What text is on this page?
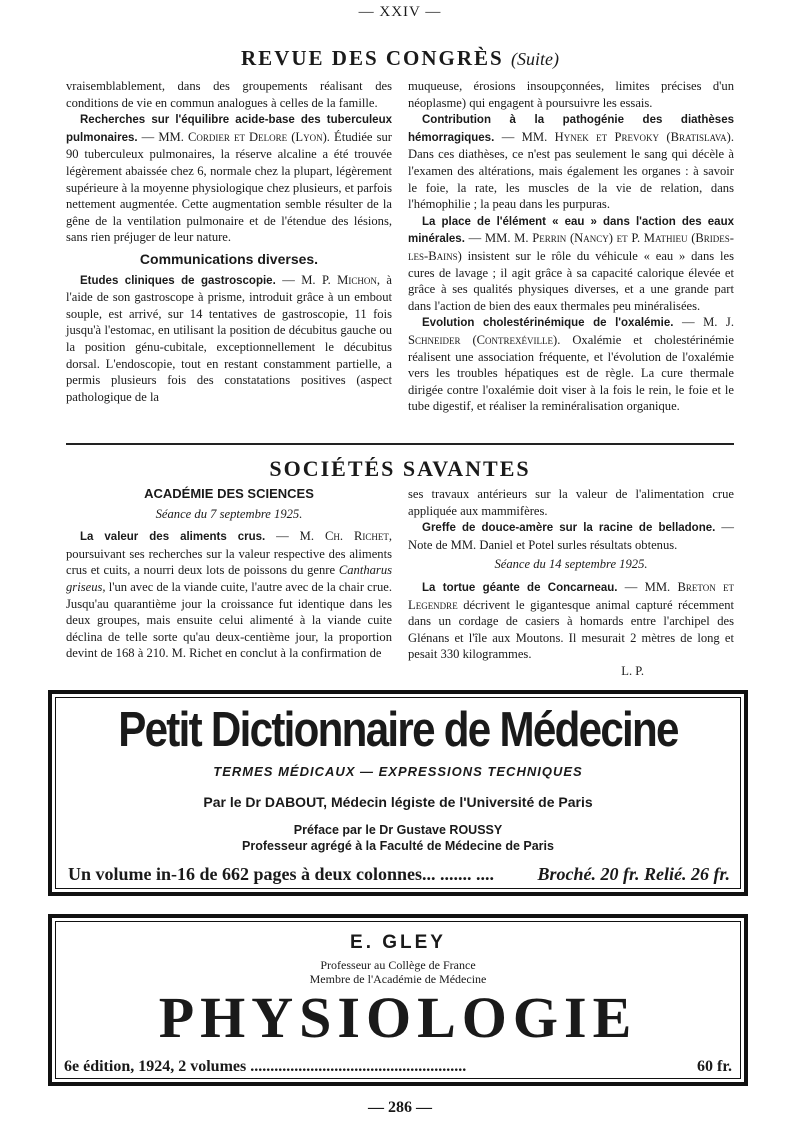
— XXIV —
REVUE DES CONGRÈS (Suite)

vraisemblablement, dans des groupements réalisant des conditions de vie en commun analogues à celles de la famille.

Recherches sur l'équilibre acide-base des tuberculeux pulmonaires. — MM. Cordier et Delore (Lyon). Étudiée sur 90 tuberculeux pulmonaires, la réserve alcaline a été trouvée légèrement abaissée chez 6, normale chez la plupart, légèrement supérieure à la moyenne physiologique chez plusieurs, et parfois nettement augmentée. Cette augmentation semble résulter de la gêne de la ventilation pulmonaire et de l'étendue des lésions, sans rien préjuger de leur nature.

Communications diverses.

Etudes cliniques de gastroscopie. — M. P. Michon, à l'aide de son gastroscope à prisme, introduit grâce à un embout souple, est arrivé, sur 14 tentatives de gastroscopie, 11 fois jusqu'à l'estomac, en utilisant la position de décubitus gauche ou la position génu-cubitale, exceptionnellement le décubitus dorsal. L'endoscopie, tout en restant constamment partielle, a permis plusieurs fois des constatations positives (aspect pathologique de la

muqueuse, érosions insoupçonnées, limites précises d'un néoplasme) qui engagent à poursuivre les essais.

Contribution à la pathogénie des diathèses hémorragiques. — MM. Hynek et Prevoky (Bratislava). Dans ces diathèses, ce n'est pas seulement le sang qui décèle à l'examen des altérations, mais également les organes : à savoir le foie, la rate, les muscles de la vie de relation, dans l'hémophilie ; la peau dans les purpuras.

La place de l'élément « eau » dans l'action des eaux minérales. — MM. M. Perrin (Nancy) et P. Mathieu (Brides-les-Bains) insistent sur le rôle du véhicule « eau » dans les cures de lavage ; il agit grâce à sa capacité calorique élevée et grâce à ses qualités physiques diverses, et a une grande part dans l'action de bien des eaux thermales peu minéralisées.

Evolution cholestérinémique de l'oxalémie. — M. J. Schneider (Contrexéville). Oxalémie et cholestérinémie réalisent une association fréquente, et l'évolution de l'oxalémie vers les troubles hépatiques est de règle. La cure thermale dirigée contre l'oxalémie doit viser à la fois le rein, le foie et le tube digestif, et réaliser la reminéralisation organique.

SOCIÉTÉS SAVANTES
ACADÉMIE DES SCIENCES
Séance du 7 septembre 1925.

La valeur des aliments crus. — M. Ch. Richet, poursuivant ses recherches sur la valeur respective des aliments crus et cuits, a nourri deux lots de poissons du genre Cantharus griseus, l'un avec de la viande cuite, l'autre avec de la chair crue. Jusqu'au quarantième jour la croissance fut identique dans les deux groupes, mais ensuite celui alimenté à la viande cuite déclina de telle sorte qu'au deux-centième jour, la proportion devint de 168 à 210. M. Richet en conclut à la confirmation de

ses travaux antérieurs sur la valeur de l'alimentation crue appliquée aux mammifères.

Greffe de douce-amère sur la racine de belladone. — Note de MM. Daniel et Potel surles résultats obtenus.

Séance du 14 septembre 1925.

La tortue géante de Concarneau. — MM. Breton et Legendre décrivent le gigantesque animal capturé récemment dans un cordage de casiers à homards entre l'archipel des Glénans et l'île aux Moutons. Il mesurait 2 mètres de long et pesait 330 kilogrammes.

L. P.
Petit Dictionnaire de Médecine
TERMES MÉDICAUX — EXPRESSIONS TECHNIQUES
Par le Dr DABOUT, Médecin légiste de l'Université de Paris
Préface par le Dr Gustave ROUSSY
Professeur agrégé à la Faculté de Médecine de Paris
Un volume in-16 de 662 pages à deux colonnes... ....... .... Broché. 20 fr. Relié. 26 fr.
E. GLEY
Professeur au Collège de France
Membre de l'Académie de Médecine
PHYSIOLOGIE
6e édition, 1924, 2 volumes ......................................................	60 fr.
— 286 —
